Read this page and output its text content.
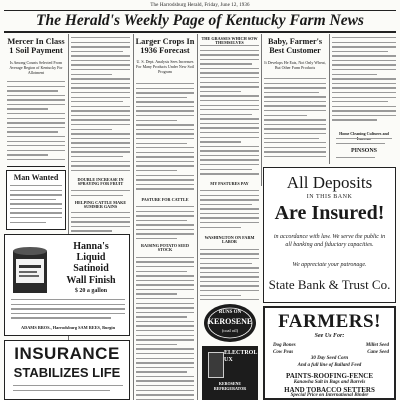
The Harrodsburg Herald, Friday, June 12, 1936
The Herald's Weekly Page of Kentucky Farm News
Mercer In Class 1 Soil Payment
Is Among Counts Selected From Average Region of Kentucky For Allotment
Man Wanted	DOUBLE INCREASE IN SPRAYING FOR FRUIT
HELPING CATTLE MAKE SUMMER GAINS
Larger Crops In 1936 Forecast
U. S. Dept. Analysis Sees Increases For Many Products Under New Soil Program
PASTURE FOR CATTLE
THE GRASSES WHICH SOW THEMSELVES
MY PASTURES PAY
Baby, Farmer's Best Customer
It Develops He Eats, Not Only Wheat, But Other Farm Products
Home Cleaning Cultures and
PINSONS
All Deposits
IN THIS BANK
Are Insured!
in accordance with law. We serve the public in all banking and fiduciary capacities.
We appreciate your patronage.
State Bank & Trust Co.
FARMERS!
See Us For:
Dog Bones
Cow Peas
Millet Seed
Cane Seed
30 Day Seed Corn
And a full line of Ballard Feed
PAINTS-ROOFING-FENCE
Kanawha Salt in Bags and Barrels
HAND TOBACCO SETTERS
Special Price on International Binder
Hanna's
Liquid
Satinoid
Wall Finish
$ 20 a gallon
ADAMS BROS., Harrodsburg SAM REES, Burgin
INSURANCE
STABILIZES LIFE
RAISING POTATO SEED STOCK
WASHINGTON ON FARM LABOR
RUNS ON
KEROSENE
(coal oil)
ELECTROLUX
KEROSENE REFRIGERATOR
